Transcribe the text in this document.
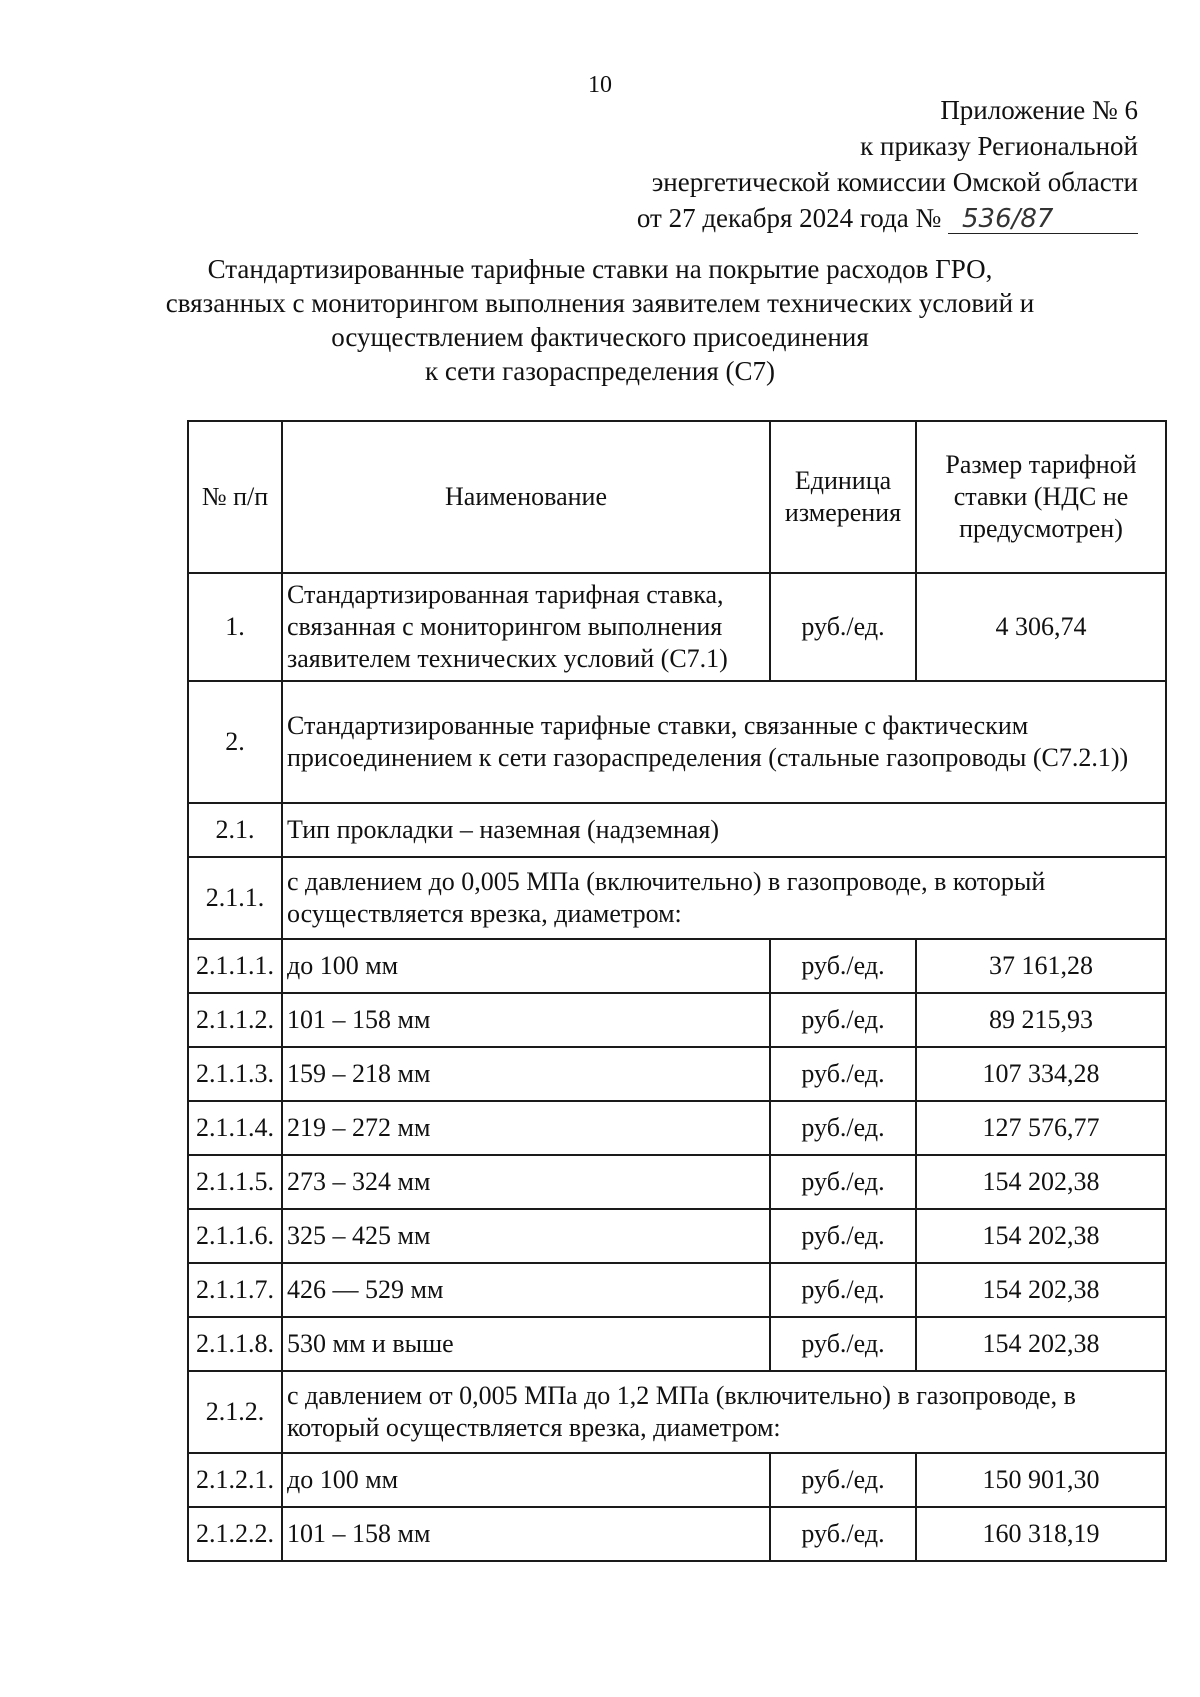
10
Приложение № 6
к приказу Региональной
энергетической комиссии Омской области
от 27 декабря 2024 года № 536/87
Стандартизированные тарифные ставки на покрытие расходов ГРО,
связанных с мониторингом выполнения заявителем технических условий и
осуществлением фактического присоединения
к сети газораспределения (С7)
№ п/п	Наименование	Единица измерения	Размер тарифной ставки (НДС не предусмотрен)
1.	Стандартизированная тарифная ставка, связанная с мониторингом выполнения заявителем технических условий (С7.1)	руб./ед.	4 306,74
2.	Стандартизированные тарифные ставки, связанные с фактическим присоединением к сети газораспределения (стальные газопроводы (С7.2.1))		
2.1.	Тип прокладки – наземная (надземная)		
2.1.1.	с давлением до 0,005 МПа (включительно) в газопроводе, в который осуществляется врезка, диаметром:		
2.1.1.1.	до 100 мм	руб./ед.	37 161,28
2.1.1.2.	101 – 158 мм	руб./ед.	89 215,93
2.1.1.3.	159 – 218 мм	руб./ед.	107 334,28
2.1.1.4.	219 – 272 мм	руб./ед.	127 576,77
2.1.1.5.	273 – 324 мм	руб./ед.	154 202,38
2.1.1.6.	325 – 425 мм	руб./ед.	154 202,38
2.1.1.7.	426 — 529 мм	руб./ед.	154 202,38
2.1.1.8.	530 мм и выше	руб./ед.	154 202,38
2.1.2.	с давлением от 0,005 МПа до 1,2 МПа (включительно) в газопроводе, в который осуществляется врезка, диаметром:		
2.1.2.1.	до 100 мм	руб./ед.	150 901,30
2.1.2.2.	101 – 158 мм	руб./ед.	160 318,19
